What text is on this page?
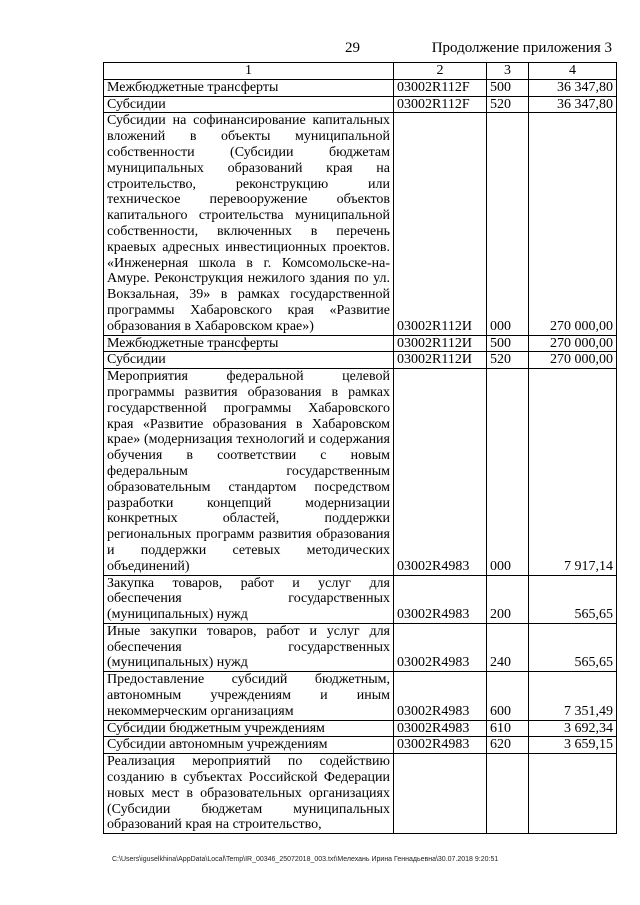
29	Продолжение приложения 3
1	2	3	4
Межбюджетные трансферты	03002R112F	500	36 347,80
Субсидии	03002R112F	520	36 347,80
Субсидии на софинансирование капитальных вложений в объекты муниципальной собственности (Субсидии бюджетам муниципальных образований края на строительство, реконструкцию или техническое перевооружение объектов капитального строительства муниципальной собственности, включенных в перечень краевых адресных инвестиционных проектов. «Инженерная школа в г. Комсомольске-на-Амуре. Реконструкция нежилого здания по ул. Вокзальная, 39» в рамках государственной программы Хабаровского края «Развитие образования в Хабаровском крае»)	03002R112И	000	270 000,00
Межбюджетные трансферты	03002R112И	500	270 000,00
Субсидии	03002R112И	520	270 000,00
Мероприятия федеральной целевой программы развития образования в рамках государственной программы Хабаровского края «Развитие образования в Хабаровском крае» (модернизация технологий и содержания обучения в соответствии с новым федеральным государственным образовательным стандартом посредством разработки концепций модернизации конкретных областей, поддержки региональных программ развития образования и поддержки сетевых методических объединений)	03002R4983	000	7 917,14
Закупка товаров, работ и услуг для обеспечения государственных (муниципальных) нужд	03002R4983	200	565,65
Иные закупки товаров, работ и услуг для обеспечения государственных (муниципальных) нужд	03002R4983	240	565,65
Предоставление субсидий бюджетным, автономным учреждениям и иным некоммерческим организациям	03002R4983	600	7 351,49
Субсидии бюджетным учреждениям	03002R4983	610	3 692,34
Субсидии автономным учреждениям	03002R4983	620	3 659,15
Реализация мероприятий по содействию созданию в субъектах Российской Федерации новых мест в образовательных организациях (Субсидии бюджетам муниципальных образований края на строительство,			
C:\Users\iguselkhina\AppData\Local\Temp\IR_00346_25072018_003.txt\Мелехань Ирина Геннадьевна\30.07.2018 9:20:51
